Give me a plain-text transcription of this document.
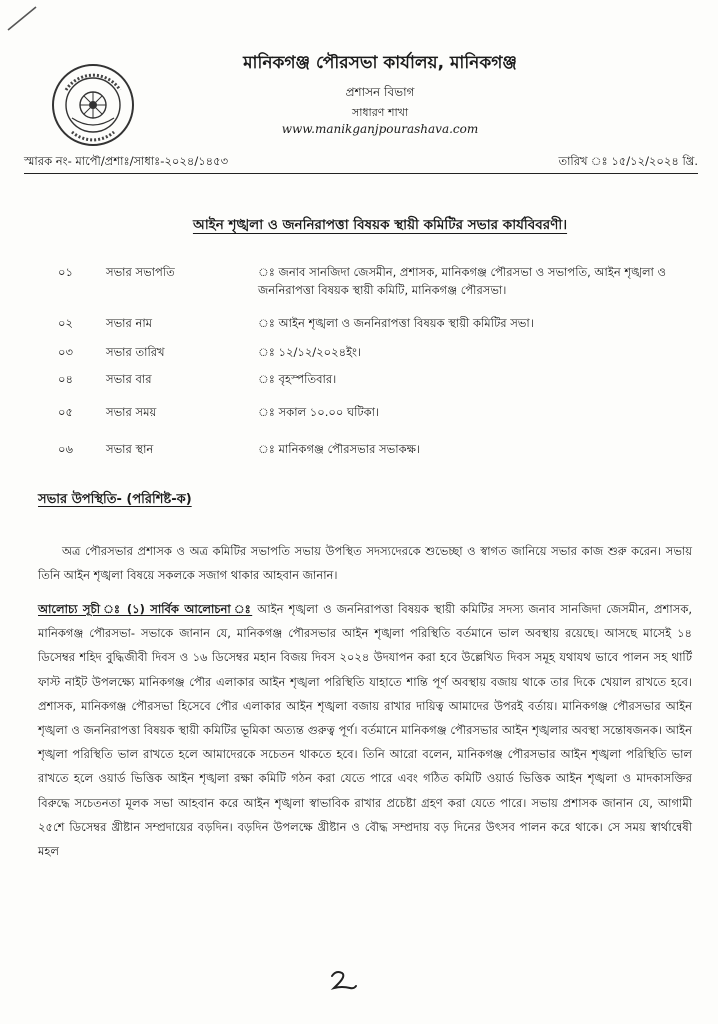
মানিকগঞ্জ পৌরসভা কার্যালয়, মানিকগঞ্জ
প্রশাসন বিভাগ
সাধারণ শাখা
www.manikganjpourashava.com
স্মারক নং- মাপৌ/প্রশাঃ/সাধাঃ-২০২৪/১৪৫৩	তারিখ ঃ ১৫/১২/২০২৪ খ্রি.
আইন শৃঙ্খলা ও জননিরাপত্তা বিষয়ক স্থায়ী কমিটির সভার কার্যবিবরণী।
০১	সভার সভাপতি	ঃ জনাব সানজিদা জেসমীন, প্রশাসক, মানিকগঞ্জ পৌরসভা ও সভাপতি, আইন শৃঙ্খলা ও জননিরাপত্তা বিষয়ক স্থায়ী কমিটি, মানিকগঞ্জ পৌরসভা।
০২	সভার নাম	ঃ আইন শৃঙ্খলা ও জননিরাপত্তা বিষয়ক স্থায়ী কমিটির সভা।
০৩	সভার তারিখ	ঃ ১২/১২/২০২৪ইং।
০৪	সভার বার	ঃ বৃহস্পতিবার।
০৫	সভার সময়	ঃ সকাল ১০.০০ ঘটিকা।
০৬	সভার স্থান	ঃ মানিকগঞ্জ পৌরসভার সভাকক্ষ।
সভার উপস্থিতি- (পরিশিষ্ট-ক)
অত্র পৌরসভার প্রশাসক ও অত্র কমিটির সভাপতি সভায় উপস্থিত সদস্যদেরকে শুভেচ্ছা ও স্বাগত জানিয়ে সভার কাজ শুরু করেন। সভায় তিনি আইন শৃঙ্খলা বিষয়ে সকলকে সজাগ থাকার আহবান জানান।
আলোচ্য সূচী ঃ (১) সার্বিক আলোচনা ঃ আইন শৃঙ্খলা ও জননিরাপত্তা বিষয়ক স্থায়ী কমিটির সদস্য জনাব সানজিদা জেসমীন, প্রশাসক, মানিকগঞ্জ পৌরসভা- সভাকে জানান যে, মানিকগঞ্জ পৌরসভার আইন শৃঙ্খলা পরিস্থিতি বর্তমানে ভাল অবস্থায় রয়েছে। আসছে মাসেই ১৪ ডিসেম্বর শহিদ বুদ্ধিজীবী দিবস ও ১৬ ডিসেম্বর মহান বিজয় দিবস ২০২৪ উদযাপন করা হবে উল্লেখিত দিবস সমূহ যথাযথ ভাবে পালন সহ থার্টি ফাস্ট নাইট উপলক্ষ্যে মানিকগঞ্জ পৌর এলাকার আইন শৃঙ্খলা পরিস্থিতি যাহাতে শান্তি পূর্ণ অবস্থায় বজায় থাকে তার দিকে খেয়াল রাখতে হবে। প্রশাসক, মানিকগঞ্জ পৌরসভা হিসেবে পৌর এলাকার আইন শৃঙ্খলা বজায় রাখার দায়িত্ব আমাদের উপরই বর্তায়। মানিকগঞ্জ পৌরসভার আইন শৃঙ্খলা ও জননিরাপত্তা বিষয়ক স্থায়ী কমিটির ভূমিকা অত্যন্ত গুরুত্ব পূর্ণ। বর্তমানে মানিকগঞ্জ পৌরসভার আইন শৃঙ্খলার অবস্থা সন্তোষজনক। আইন শৃঙ্খলা পরিস্থিতি ভাল রাখতে হলে আমাদেরকে সচেতন থাকতে হবে। তিনি আরো বলেন, মানিকগঞ্জ পৌরসভার আইন শৃঙ্খলা পরিস্থিতি ভাল রাখতে হলে ওয়ার্ড ভিত্তিক আইন শৃঙ্খলা রক্ষা কমিটি গঠন করা যেতে পারে এবং গঠিত কমিটি ওয়ার্ড ভিত্তিক আইন শৃঙ্খলা ও মাদকাসক্তির বিরুদ্ধে সচেতনতা মূলক সভা আহবান করে আইন শৃঙ্খলা স্বাভাবিক রাখার প্রচেষ্টা গ্রহণ করা যেতে পারে। সভায় প্রশাসক জানান যে, আগামী ২৫শে ডিসেম্বর খ্রীষ্টান সম্প্রদায়ের বড়দিন। বড়দিন উপলক্ষে খ্রীষ্টান ও বৌদ্ধ সম্প্রদায় বড় দিনের উৎসব পালন করে থাকে। সে সময় স্বার্থান্বেষী মহল
